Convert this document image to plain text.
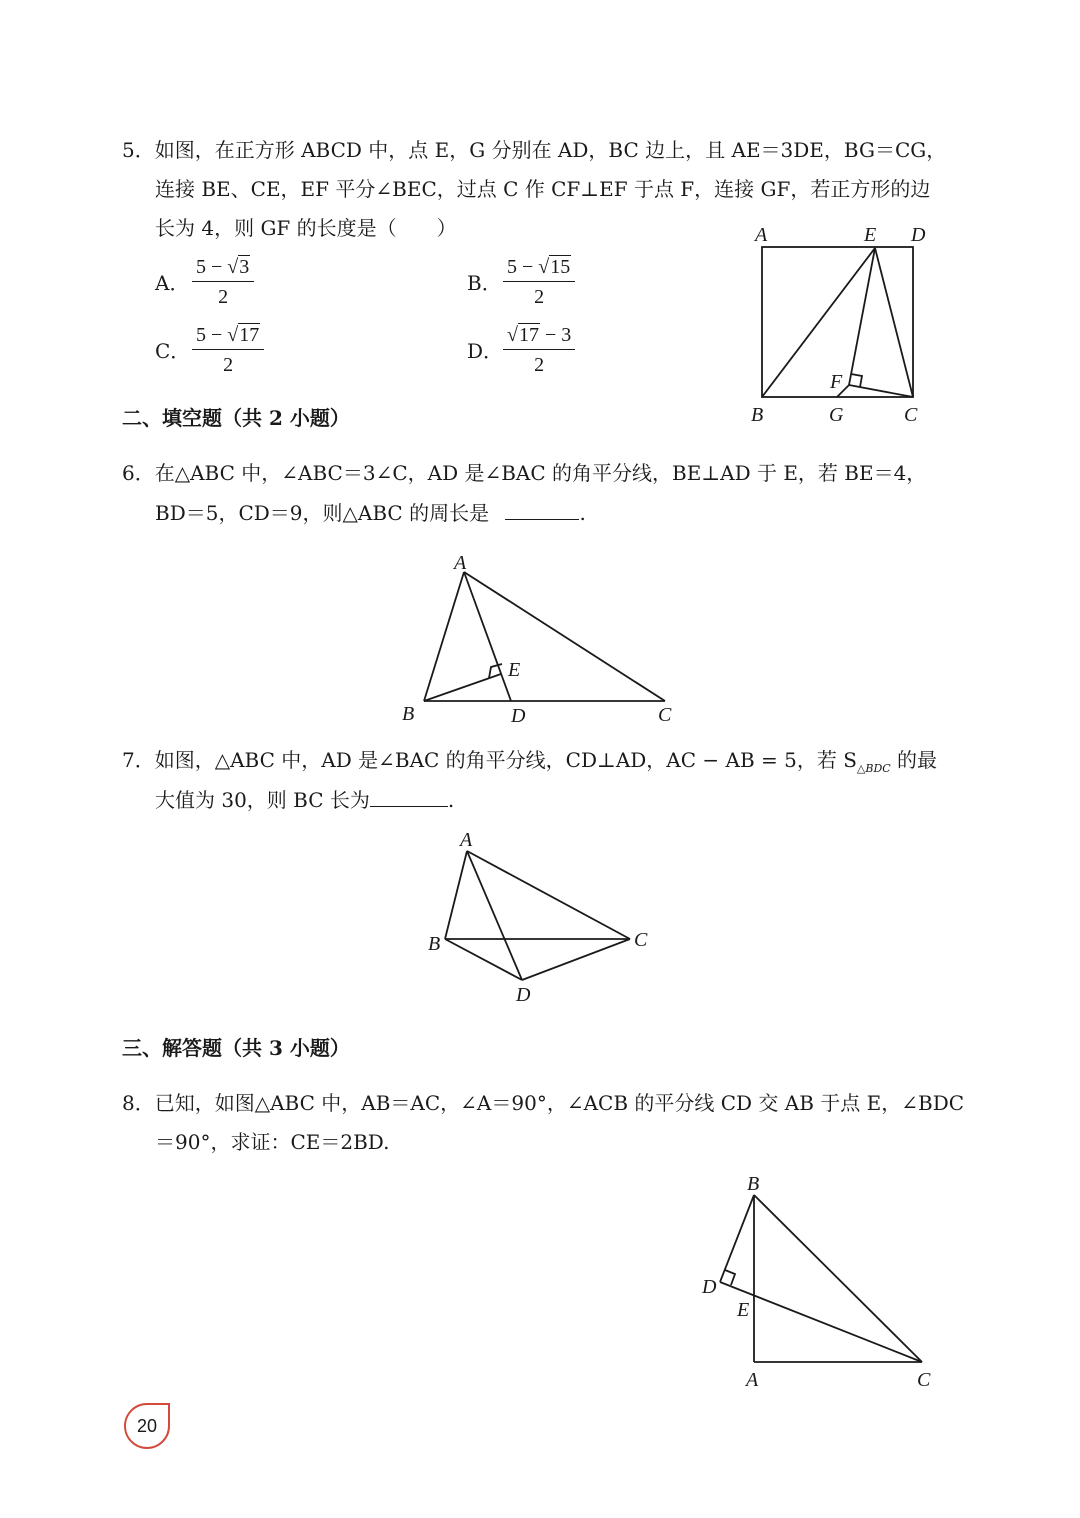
5．如图，在正方形 ABCD 中，点 E，G 分别在 AD，BC 边上，且 AE＝3DE，BG＝CG，
连接 BE、CE，EF 平分∠BEC，过点 C 作 CF⊥EF 于点 F，连接 GF，若正方形的边
长为 4，则 GF 的长度是（　　）
A． $\frac{5 - √3}{2}$	B． $\frac{5 - √15}{2}$
C． $\frac{5 - √17}{2}$	D． $\frac{√17 - 3}{2}$
A	E D
F
B	G	C
二、填空题（共 2 小题）
6．在△ABC 中，∠ABC＝3∠C，AD 是∠BAC 的角平分线，BE⊥AD 于 E，若 BE＝4，
BD＝5，CD＝9，则△ABC 的周长是	.
A
E
B	D	C
7．如图，△ABC 中，AD 是∠BAC 的角平分线，CD⊥AD，AC − AB = 5，若 $S_{\triangle BDC}$ 的最
大值为 30，则 BC 长为	.
A
B	C
D
三、解答题（共 3 小题）
8．已知，如图△ABC 中，AB＝AC，∠A＝90°，∠ACB 的平分线 CD 交 AB 于点 E，∠BDC
＝90°，求证：CE＝2BD.
B
D
E
A	C
20
